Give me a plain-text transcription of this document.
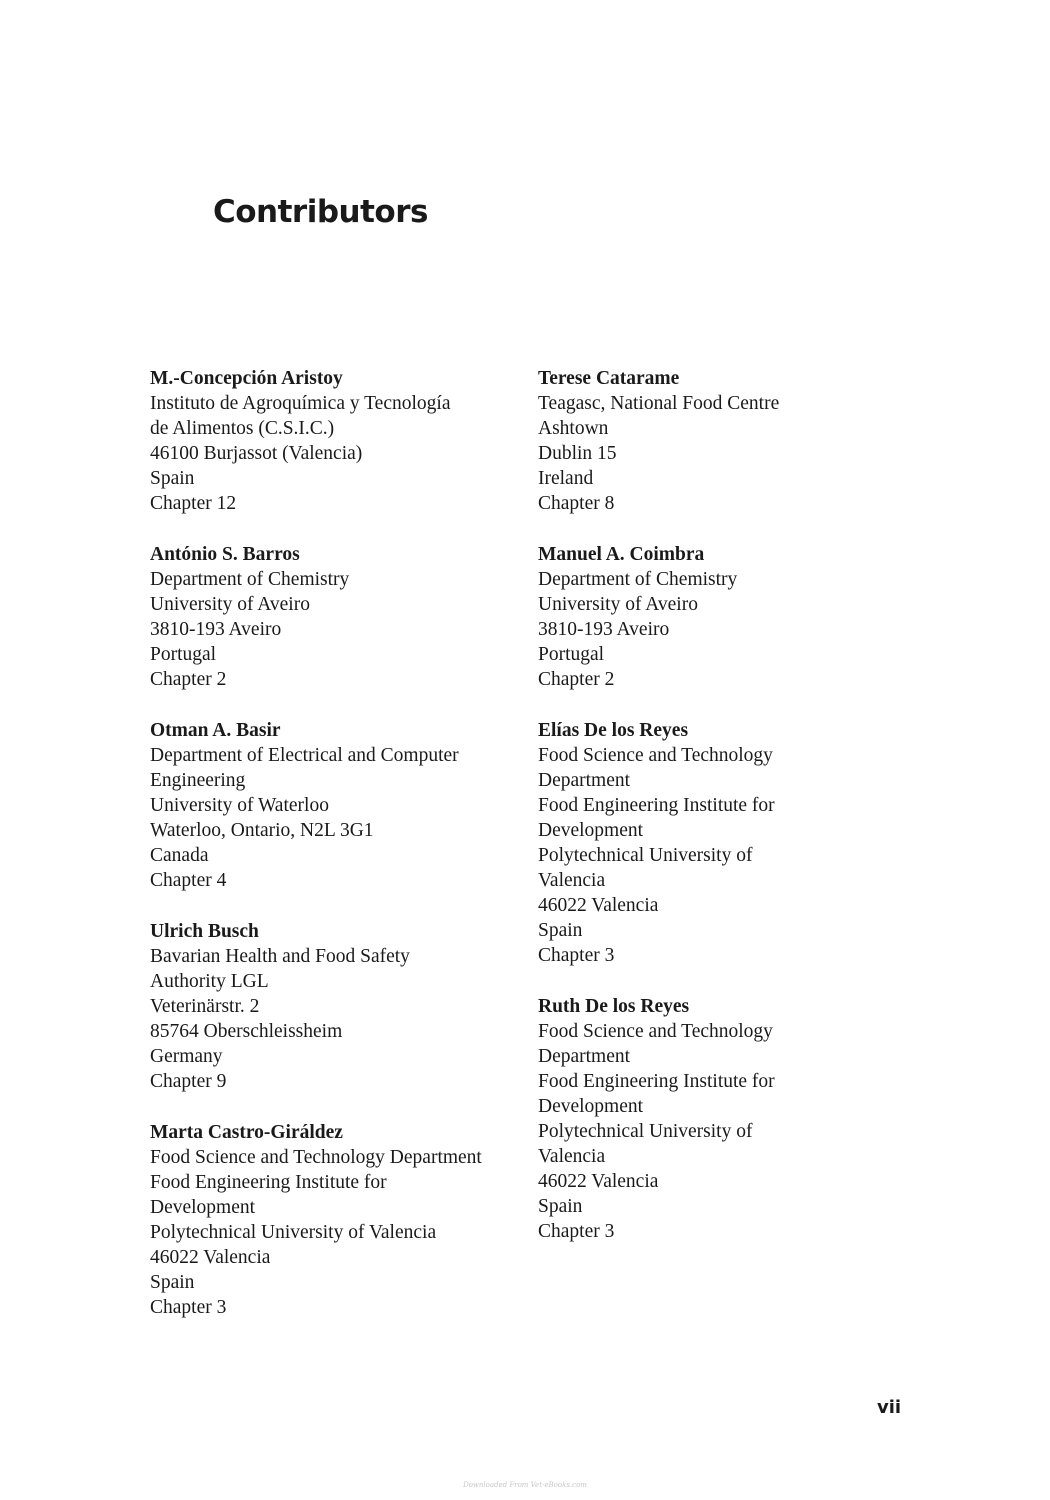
Contributors
M.-Concepción Aristoy
Instituto de Agroquímica y Tecnología
de Alimentos (C.S.I.C.)
46100 Burjassot (Valencia)
Spain
Chapter 12
António S. Barros
Department of Chemistry
University of Aveiro
3810-193 Aveiro
Portugal
Chapter 2
Otman A. Basir
Department of Electrical and Computer
Engineering
University of Waterloo
Waterloo, Ontario, N2L 3G1
Canada
Chapter 4
Ulrich Busch
Bavarian Health and Food Safety
Authority LGL
Veterinärstr. 2
85764 Oberschleissheim
Germany
Chapter 9
Marta Castro-Giráldez
Food Science and Technology Department
Food Engineering Institute for
Development
Polytechnical University of Valencia
46022 Valencia
Spain
Chapter 3
Terese Catarame
Teagasc, National Food Centre
Ashtown
Dublin 15
Ireland
Chapter 8
Manuel A. Coimbra
Department of Chemistry
University of Aveiro
3810-193 Aveiro
Portugal
Chapter 2
Elías De los Reyes
Food Science and Technology
Department
Food Engineering Institute for
Development
Polytechnical University of
Valencia
46022 Valencia
Spain
Chapter 3
Ruth De los Reyes
Food Science and Technology
Department
Food Engineering Institute for
Development
Polytechnical University of
Valencia
46022 Valencia
Spain
Chapter 3
vii
Downloaded From Vet-eBooks.com
